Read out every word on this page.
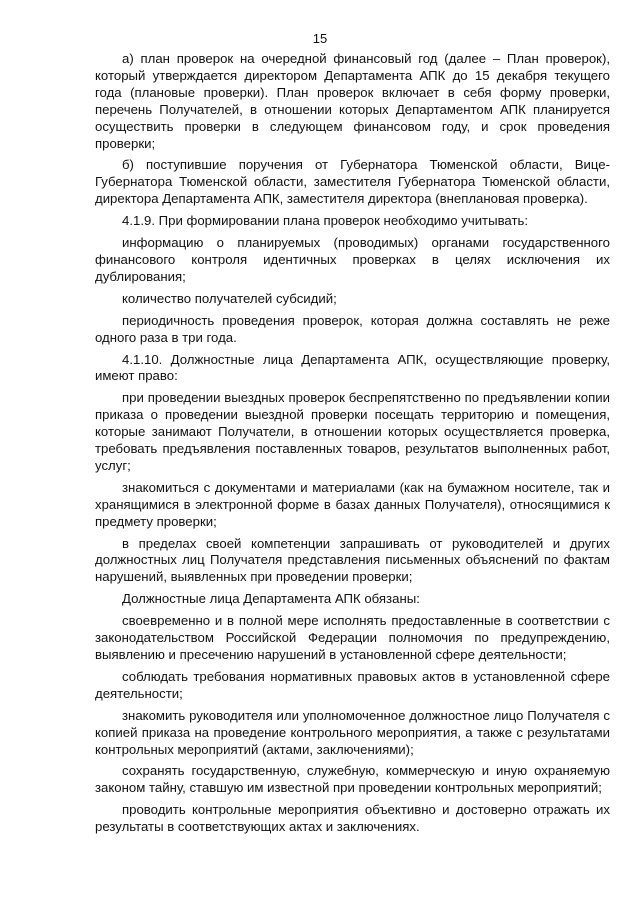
15

а) план проверок на очередной финансовый год (далее – План проверок), который утверждается директором Департамента АПК до 15 декабря текущего года (плановые проверки). План проверок включает в себя форму проверки, перечень Получателей, в отношении которых Департаментом АПК планируется осуществить проверки в следующем финансовом году, и срок проведения проверки;

б) поступившие поручения от Губернатора Тюменской области, Вице-Губернатора Тюменской области, заместителя Губернатора Тюменской области, директора Департамента АПК, заместителя директора (внеплановая проверка).

4.1.9. При формировании плана проверок необходимо учитывать:

информацию о планируемых (проводимых) органами государственного финансового контроля идентичных проверках в целях исключения их дублирования;

количество получателей субсидий;

периодичность проведения проверок, которая должна составлять не реже одного раза в три года.

4.1.10. Должностные лица Департамента АПК, осуществляющие проверку, имеют право:

при проведении выездных проверок беспрепятственно по предъявлении копии приказа о проведении выездной проверки посещать территорию и помещения, которые занимают Получатели, в отношении которых осуществляется проверка, требовать предъявления поставленных товаров, результатов выполненных работ, услуг;

знакомиться с документами и материалами (как на бумажном носителе, так и хранящимися в электронной форме в базах данных Получателя), относящимися к предмету проверки;

в пределах своей компетенции запрашивать от руководителей и других должностных лиц Получателя представления письменных объяснений по фактам нарушений, выявленных при проведении проверки;

Должностные лица Департамента АПК обязаны:

своевременно и в полной мере исполнять предоставленные в соответствии с законодательством Российской Федерации полномочия по предупреждению, выявлению и пресечению нарушений в установленной сфере деятельности;

соблюдать требования нормативных правовых актов в установленной сфере деятельности;

знакомить руководителя или уполномоченное должностное лицо Получателя с копией приказа на проведение контрольного мероприятия, а также с результатами контрольных мероприятий (актами, заключениями);

сохранять государственную, служебную, коммерческую и иную охраняемую законом тайну, ставшую им известной при проведении контрольных мероприятий;

проводить контрольные мероприятия объективно и достоверно отражать их результаты в соответствующих актах и заключениях.
